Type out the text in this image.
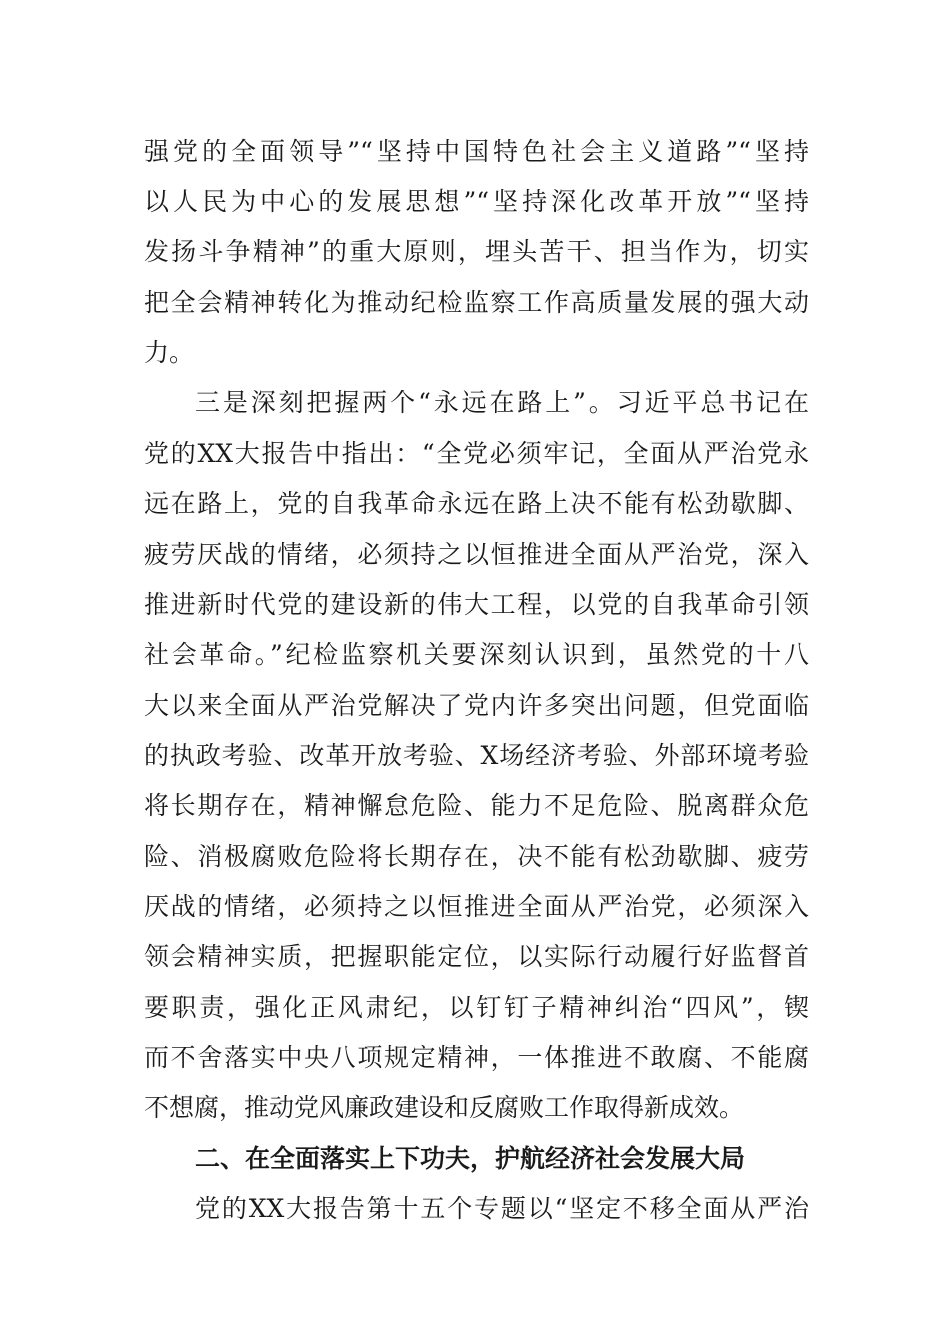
强党的全面领导”“坚持中国特色社会主义道路”“坚持
以人民为中心的发展思想”“坚持深化改革开放”“坚持
发扬斗争精神”的重大原则，埋头苦干、担当作为，切实
把全会精神转化为推动纪检监察工作高质量发展的强大动
力。
三是深刻把握两个“永远在路上”。习近平总书记在
党的XX大报告中指出：“全党必须牢记，全面从严治党永
远在路上，党的自我革命永远在路上决不能有松劲歇脚、
疲劳厌战的情绪，必须持之以恒推进全面从严治党，深入
推进新时代党的建设新的伟大工程，以党的自我革命引领
社会革命。”纪检监察机关要深刻认识到，虽然党的十八
大以来全面从严治党解决了党内许多突出问题，但党面临
的执政考验、改革开放考验、X场经济考验、外部环境考验
将长期存在，精神懈怠危险、能力不足危险、脱离群众危
险、消极腐败危险将长期存在，决不能有松劲歇脚、疲劳
厌战的情绪，必须持之以恒推进全面从严治党，必须深入
领会精神实质，把握职能定位，以实际行动履行好监督首
要职责，强化正风肃纪，以钉钉子精神纠治“四风”，锲
而不舍落实中央八项规定精神，一体推进不敢腐、不能腐
不想腐，推动党风廉政建设和反腐败工作取得新成效。
二、在全面落实上下功夫，护航经济社会发展大局
党的XX大报告第十五个专题以“坚定不移全面从严治
